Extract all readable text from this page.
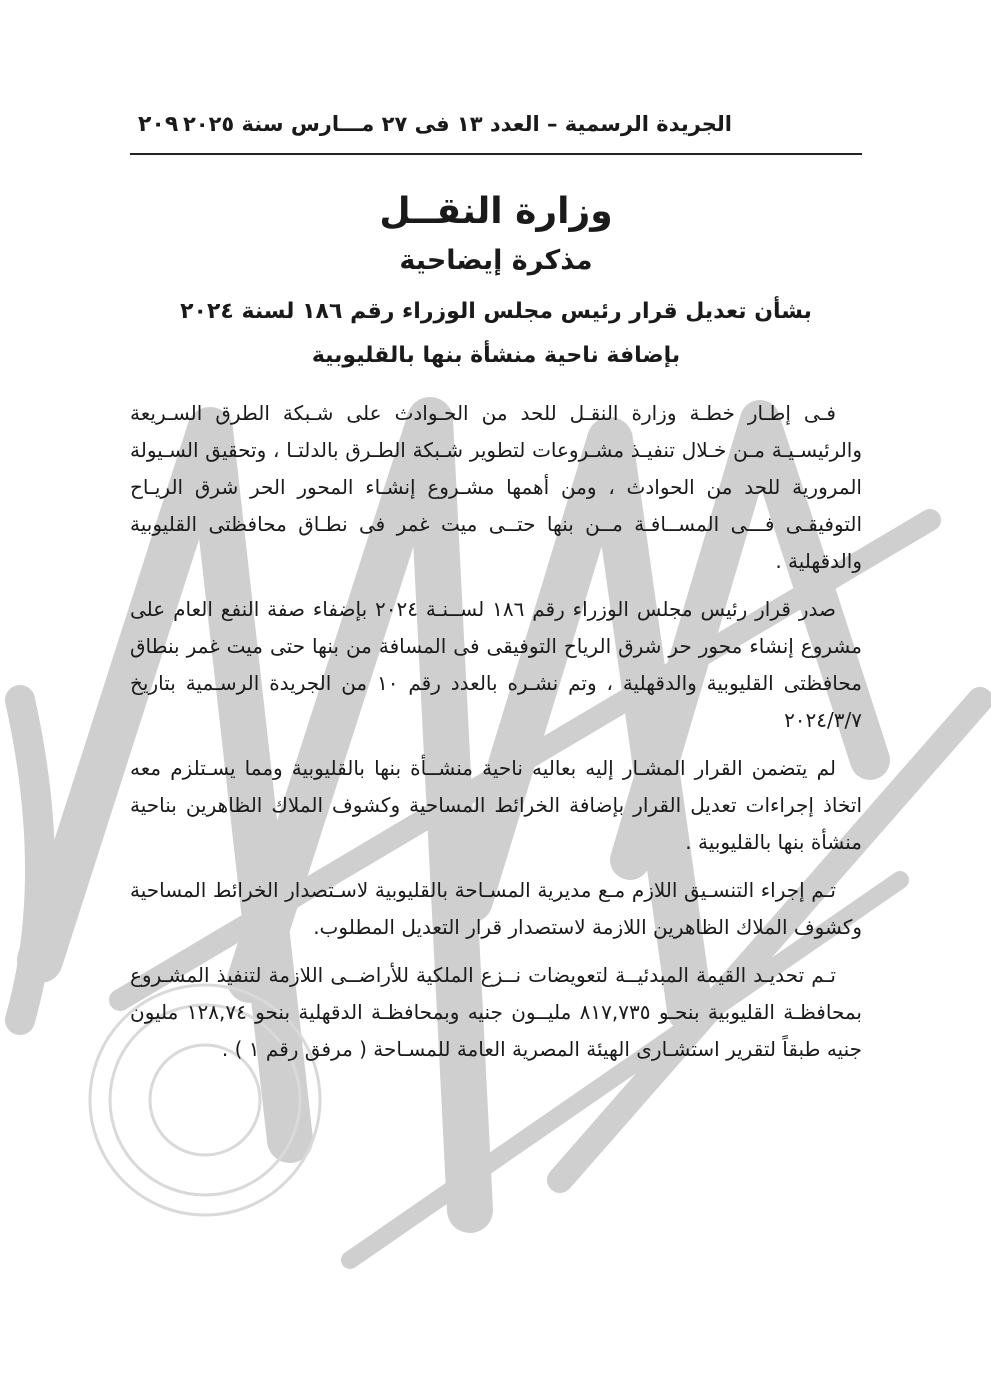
٢٠٩ الجريدة الرسمية – العدد ١٣ فى ٢٧ مـــارس سنة ٢٠٢٥
وزارة النقــل
مذكرة إيضاحية

بشأن تعديل قرار رئيس مجلس الوزراء رقم ١٨٦ لسنة ٢٠٢٤

بإضافة ناحية منشأة بنها بالقليوبية

فـى إطـار خطـة وزارة النقـل للحد من الحـوادث على شـبكة الطرق السـريعة والرئيسـيـة مـن خـلال تنفيـذ مشـروعات لتطوير شـبكة الطـرق بالدلتـا ، وتحقيق السـيولة المرورية للحد من الحوادث ، ومن أهمها مشـروع إنشـاء المحور الحر شرق الريـاح التوفيقـى فـــى المســافـة مــن بنها حتــى ميت غمر فى نطـاق محافظتى القليوبية والدقهلية .

صدر قرار رئيس مجلس الوزراء رقم ١٨٦ لســنـة ٢٠٢٤ بإضفاء صفة النفع العام على مشروع إنشاء محور حر شرق الرياح التوفيقى فى المسافة من بنها حتى ميت غمر بنطاق محافظتى القليوبية والدقهلية ، وتم نشـره بالعدد رقم ١٠ من الجريدة الرسـمية بتاريخ ٢٠٢٤/٣/٧

لم يتضمن القرار المشـار إليه بعاليه ناحية منشــأة بنها بالقليوبية ومما يسـتلزم معه اتخاذ إجراءات تعديل القرار بإضافة الخرائط المساحية وكشوف الملاك الظاهرين بناحية منشأة بنها بالقليوبية .

تـم إجراء التنسـيق اللازم مـع مديرية المسـاحة بالقليوبية لاسـتصدار الخرائط المساحية وكشوف الملاك الظاهرين اللازمة لاستصدار قرار التعديل المطلوب.

تـم تحديـد القيمة المبدئيــة لتعويضات نــزع الملكية للأراضــى اللازمة لتنفيذ المشـروع بمحافظـة القليوبية بنحـو ٨١٧,٧٣٥ مليــون جنيه وبمحافظـة الدقهلية بنحو ١٢٨,٧٤ مليون جنيه طبقاً لتقرير استشـارى الهيئة المصرية العامة للمسـاحة ( مرفق رقم ١ ) .
